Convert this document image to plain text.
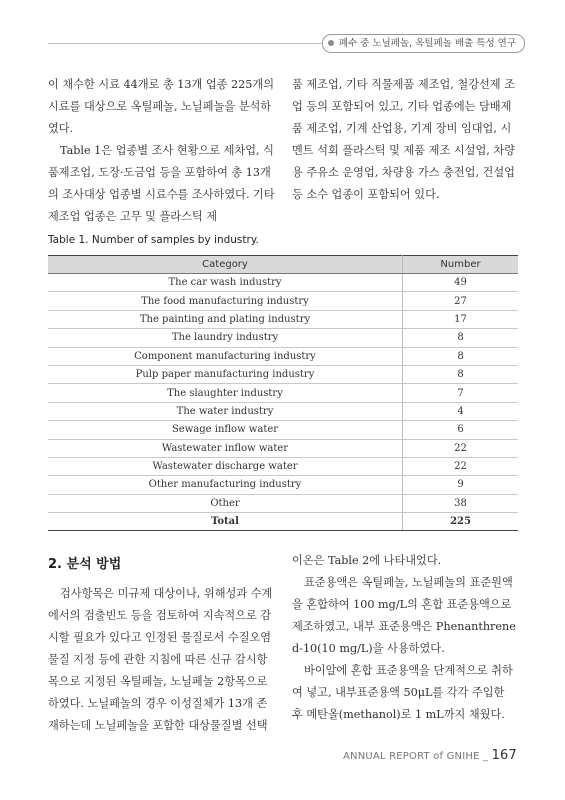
폐수 중 노닐페놀, 옥틸페놀 배출 특성 연구

이 채수한 시료 44개로 총 13개 업종 225개의 시료를 대상으로 옥틸페놀, 노닐페놀을 분석하였다.

Table 1은 업종별 조사 현황으로 세차업, 식품제조업, 도장·도금업 등을 포함하여 총 13개의 조사대상 업종별 시료수를 조사하였다. 기타제조업 업종은 고무 및 플라스틱 제

품 제조업, 기타 직물제품 제조업, 철강선제 조업 등의 포함되어 있고, 기타 업종에는 담배제품 제조업, 기계 산업용, 기계 장비 임대업, 시멘트 석회 플라스틱 및 제품 제조 시설업, 차량용 주유소 운영업, 차량용 가스 충전업, 건설업 등 소수 업종이 포함되어 있다.

Table 1. Number of samples by industry.
Category	Number
The car wash industry	49
The food manufacturing industry	27
The painting and plating industry	17
The laundry industry	8
Component manufacturing industry	8
Pulp paper manufacturing industry	8
The slaughter industry	7
The water industry	4
Sewage inflow water	6
Wastewater inflow water	22
Wastewater discharge water	22
Other manufacturing industry	9
Other	38
Total	225
2. 분석 방법

검사항목은 미규제 대상이나, 위해성과 수계에서의 검출빈도 등을 검토하여 지속적으로 감시할 필요가 있다고 인정된 물질로서 수질오염물질 지정 등에 관한 지침에 따른 신규 감시항목으로 지정된 옥틸페놀, 노닐페놀 2항목으로 하였다. 노닐페놀의 경우 이성질체가 13개 존재하는데 노닐페놀을 포함한 대상물질별 선택

이온은 Table 2에 나타내었다.

표준용액은 옥틸페놀, 노닐페놀의 표준원액을 혼합하여 100 mg/L의 혼합 표준용액으로 제조하였고, 내부 표준용액은 Phenanthrene d-10(10 mg/L)을 사용하였다.

바이알에 혼합 표준용액을 단계적으로 취하여 넣고, 내부표준용액 50μL를 각각 주입한 후 메탄올(methanol)로 1 mL까지 채웠다.

ANNUAL REPORT of GNIHE _ 167
